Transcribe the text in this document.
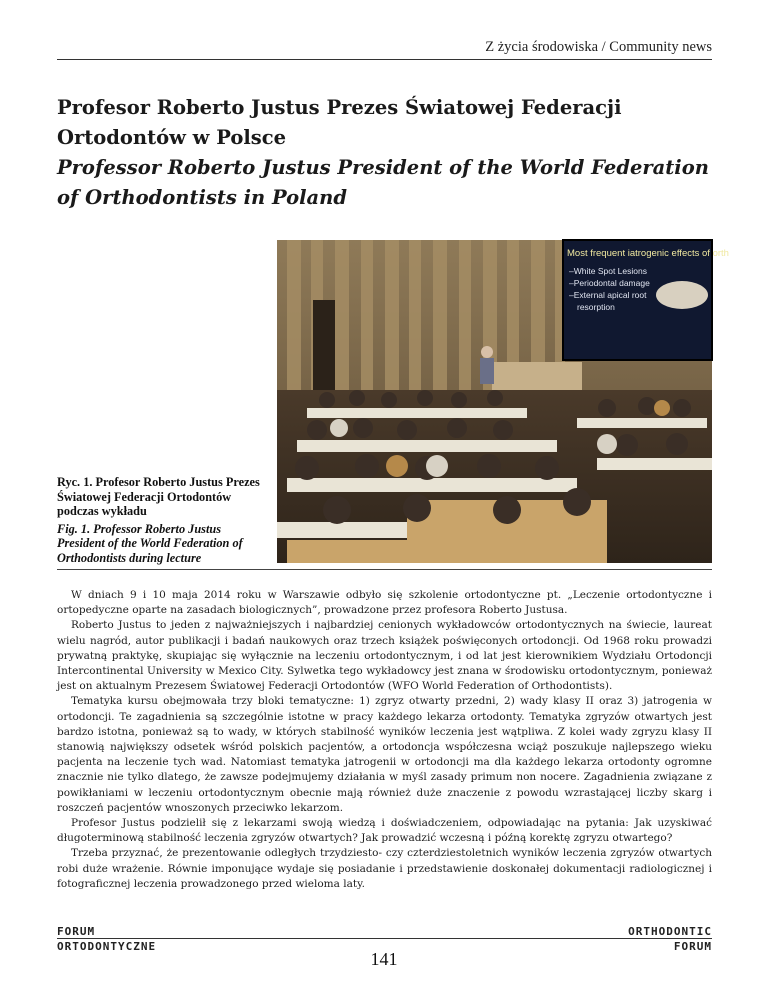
Z życia środowiska / Community news
Profesor Roberto Justus Prezes Światowej Federacji
Ortodontów w Polsce
Professor Roberto Justus President of the World Federation
of Orthodontists in Poland
Most frequent iatrogenic effects of orth
–White Spot Lesions
–Periodontal damage
–External apical root
resorption

Ryc. 1. Profesor Roberto Justus Prezes Światowej Federacji Ortodontów podczas wykładu

Fig. 1. Professor Roberto Justus President of the World Federation of Orthodontists during lecture

W dniach 9 i 10 maja 2014 roku w Warszawie odbyło się szkolenie ortodontyczne pt. „Leczenie ortodontyczne i ortopedyczne oparte na zasadach biologicznych”, prowadzone przez profesora Roberto Justusa.

Roberto Justus to jeden z najważniejszych i najbardziej cenionych wykładowców ortodontycznych na świecie, laureat wielu nagród, autor publikacji i badań naukowych oraz trzech książek poświęconych ortodoncji. Od 1968 roku prowadzi prywatną praktykę, skupiając się wyłącznie na leczeniu ortodontycznym, i od lat jest kierownikiem Wydziału Ortodoncji Intercontinental University w Mexico City. Sylwetka tego wykładowcy jest znana w środowisku ortodontycznym, ponieważ jest on aktualnym Prezesem Światowej Federacji Ortodontów (WFO World Federation of Orthodontists).

Tematyka kursu obejmowała trzy bloki tematyczne: 1) zgryz otwarty przedni, 2) wady klasy II oraz 3) jatrogenia w ortodoncji. Te zagadnienia są szczególnie istotne w pracy każdego lekarza ortodonty. Tematyka zgryzów otwartych jest bardzo istotna, ponieważ są to wady, w których stabilność wyników leczenia jest wątpliwa. Z kolei wady zgryzu klasy II stanowią największy odsetek wśród polskich pacjentów, a ortodoncja współczesna wciąż poszukuje najlepszego wieku pacjenta na leczenie tych wad. Natomiast tematyka jatrogenii w ortodoncji ma dla każdego lekarza ortodonty ogromne znacznie nie tylko dlatego, że zawsze podejmujemy działania w myśl zasady primum non nocere. Zagadnienia związane z powikłaniami w leczeniu ortodontycznym obecnie mają również duże znaczenie z powodu wzrastającej liczby skarg i roszczeń pacjentów wnoszonych przeciwko lekarzom.

Profesor Justus podzielił się z lekarzami swoją wiedzą i doświadczeniem, odpowiadając na pytania: Jak uzyskiwać długoterminową stabilność leczenia zgryzów otwartych? Jak prowadzić wczesną i późną korektę zgryzu otwartego?

Trzeba przyznać, że prezentowanie odległych trzydziesto- czy czterdziestoletnich wyników leczenia zgryzów otwartych robi duże wrażenie. Równie imponujące wydaje się posiadanie i przedstawienie doskonałej dokumentacji radiologicznej i fotograficznej leczenia prowadzonego przed wieloma laty.

FORUM
ORTODONTYCZNE
ORTHODONTIC
FORUM
141
